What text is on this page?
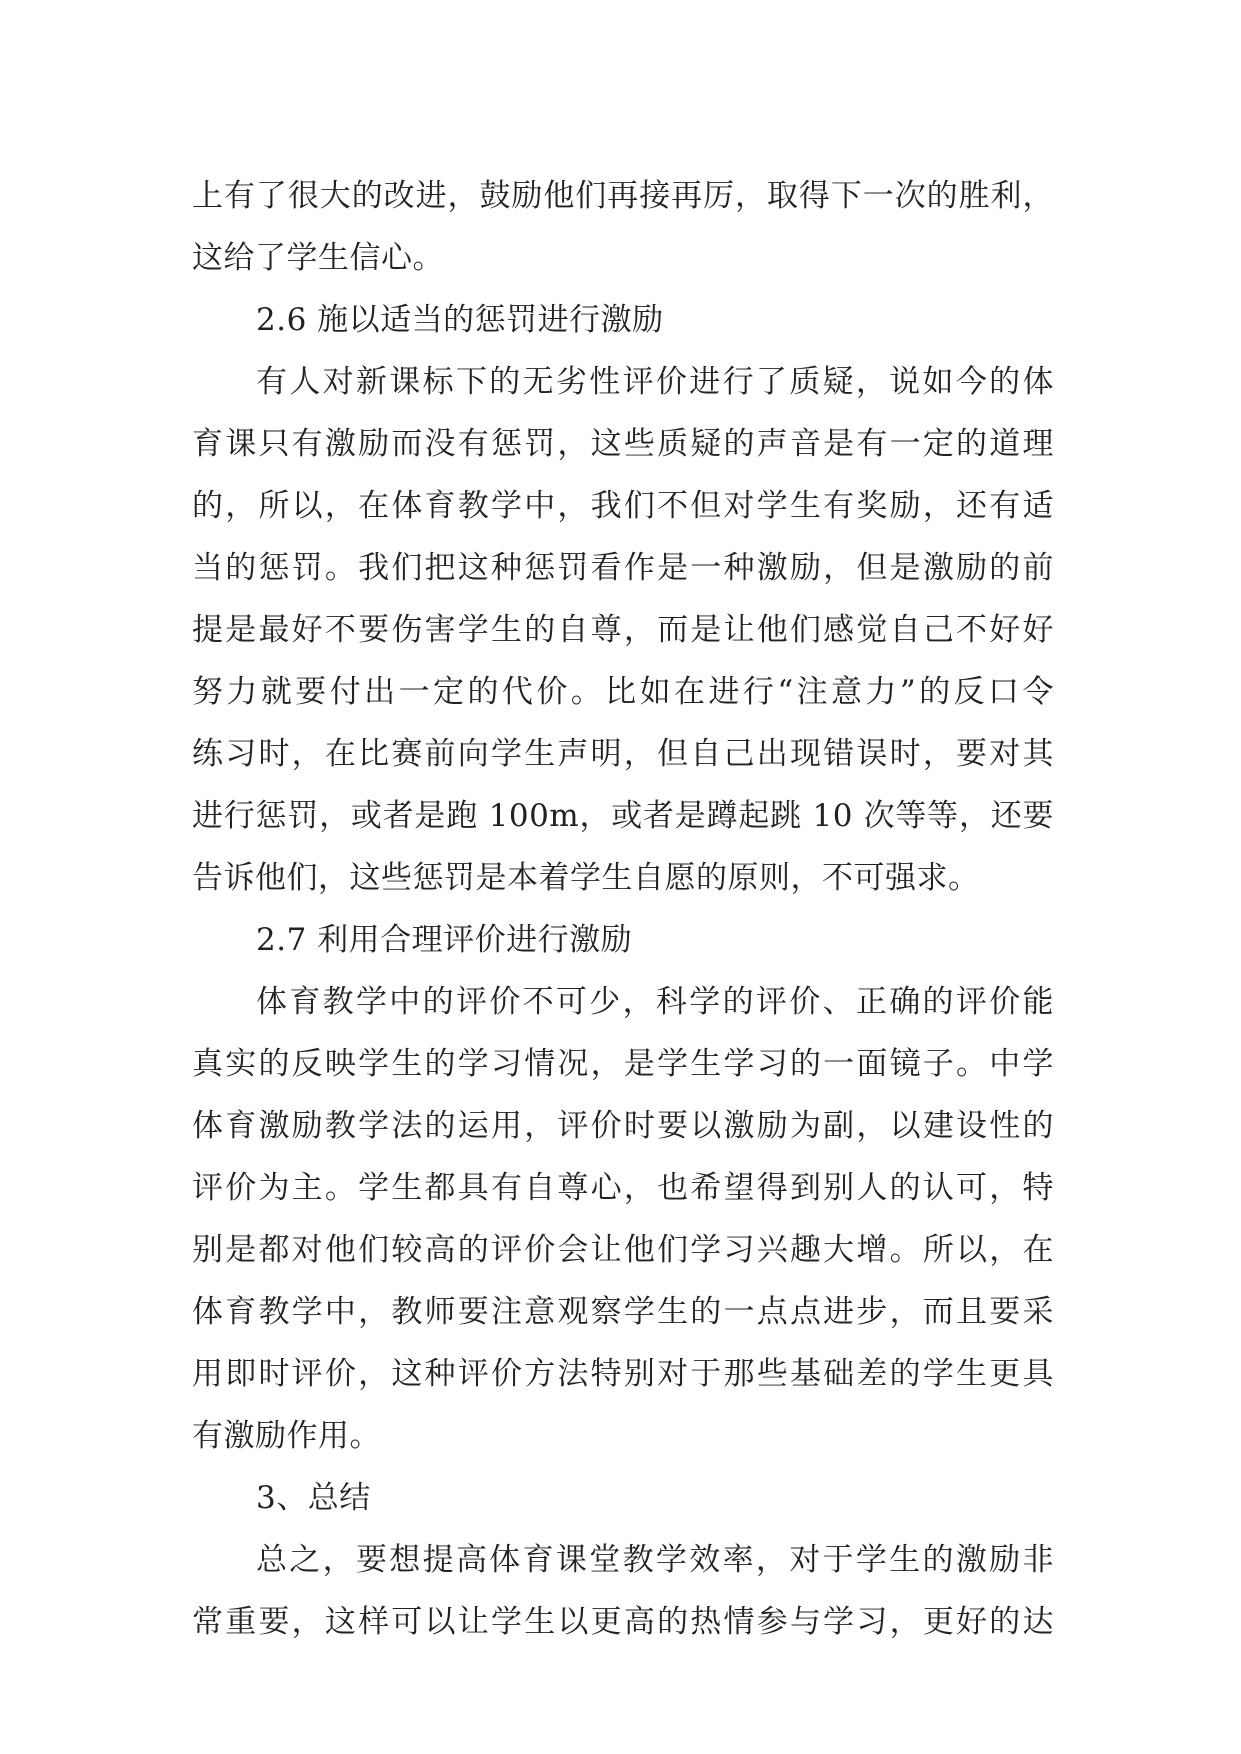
上有了很大的改进，鼓励他们再接再厉，取得下一次的胜利，
这给了学生信心。
2.6 施以适当的惩罚进行激励
有人对新课标下的无劣性评价进行了质疑，说如今的体
育课只有激励而没有惩罚，这些质疑的声音是有一定的道理
的，所以，在体育教学中，我们不但对学生有奖励，还有适
当的惩罚。我们把这种惩罚看作是一种激励，但是激励的前
提是最好不要伤害学生的自尊，而是让他们感觉自己不好好
努力就要付出一定的代价。比如在进行“注意力”的反口令
练习时，在比赛前向学生声明，但自己出现错误时，要对其
进行惩罚，或者是跑 100m，或者是蹲起跳 10 次等等，还要
告诉他们，这些惩罚是本着学生自愿的原则，不可强求。
2.7 利用合理评价进行激励
体育教学中的评价不可少，科学的评价、正确的评价能
真实的反映学生的学习情况，是学生学习的一面镜子。中学
体育激励教学法的运用，评价时要以激励为副，以建设性的
评价为主。学生都具有自尊心，也希望得到别人的认可，特
别是都对他们较高的评价会让他们学习兴趣大增。所以，在
体育教学中，教师要注意观察学生的一点点进步，而且要采
用即时评价，这种评价方法特别对于那些基础差的学生更具
有激励作用。
3、总结
总之，要想提高体育课堂教学效率，对于学生的激励非
常重要，这样可以让学生以更高的热情参与学习，更好的达
